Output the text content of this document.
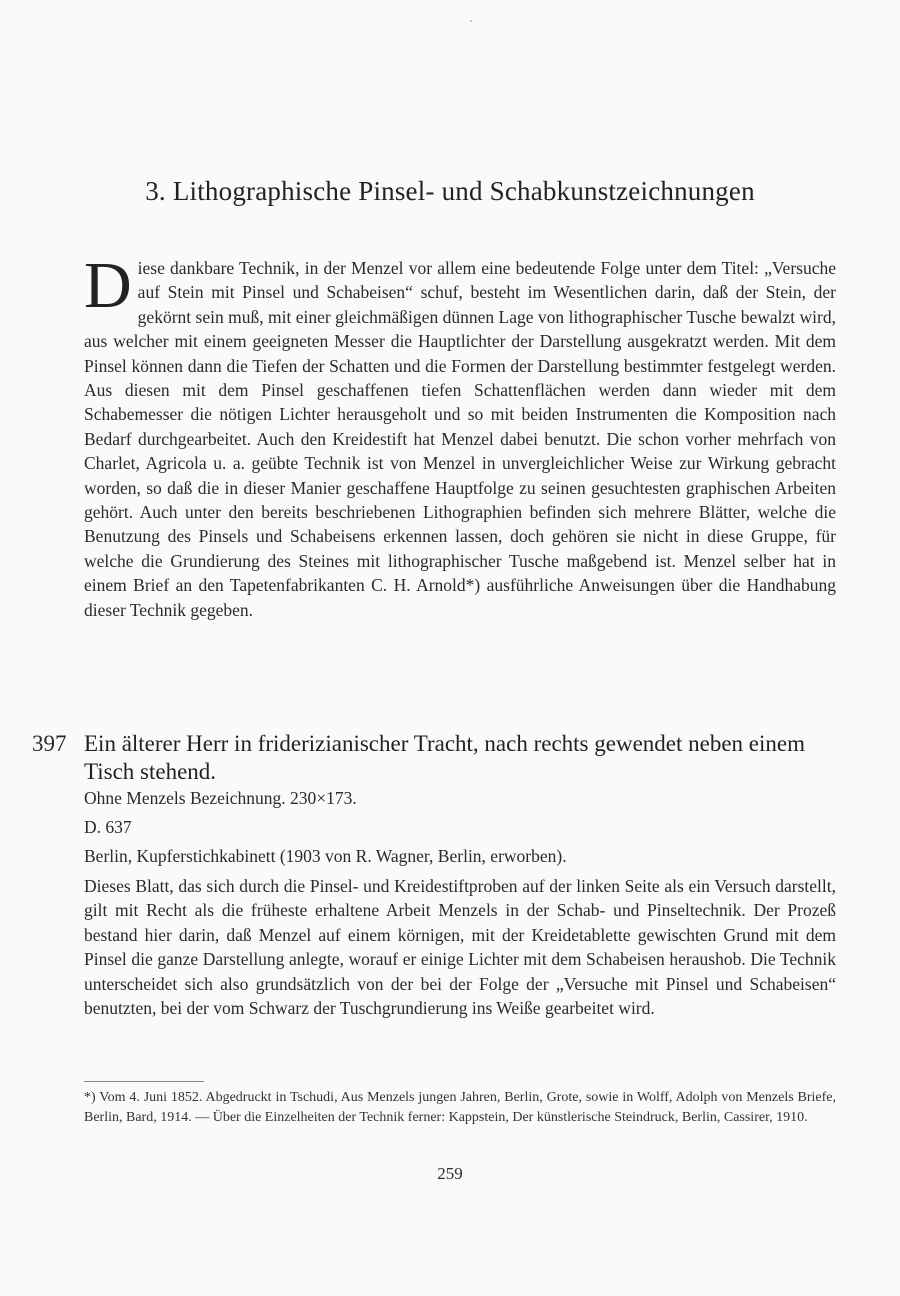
3. Lithographische Pinsel- und Schabkunstzeichnungen
D iese dankbare Technik, in der Menzel vor allem eine bedeutende Folge unter dem Titel: „Versuche auf Stein mit Pinsel und Schabeisen“ schuf, besteht im Wesentlichen darin, daß der Stein, der gekörnt sein muß, mit einer gleichmäßigen dünnen Lage von lithographischer Tusche bewalzt wird, aus welcher mit einem geeigneten Messer die Hauptlichter der Darstellung ausgekratzt werden. Mit dem Pinsel können dann die Tiefen der Schatten und die Formen der Darstellung bestimmter festgelegt werden. Aus diesen mit dem Pinsel geschaffenen tiefen Schattenflächen werden dann wieder mit dem Schabemesser die nötigen Lichter herausgeholt und so mit beiden Instrumenten die Komposition nach Bedarf durchgearbeitet. Auch den Kreidestift hat Menzel dabei benutzt. Die schon vorher mehrfach von Charlet, Agricola u. a. geübte Technik ist von Menzel in unvergleichlicher Weise zur Wirkung gebracht worden, so daß die in dieser Manier geschaffene Hauptfolge zu seinen gesuchtesten graphischen Arbeiten gehört. Auch unter den bereits beschriebenen Lithographien befinden sich mehrere Blätter, welche die Benutzung des Pinsels und Schabeisens erkennen lassen, doch gehören sie nicht in diese Gruppe, für welche die Grundierung des Steines mit lithographischer Tusche maßgebend ist. Menzel selber hat in einem Brief an den Tapetenfabrikanten C. H. Arnold*) ausführliche Anweisungen über die Handhabung dieser Technik gegeben.

397 Ein älterer Herr in friderizianischer Tracht, nach rechts gewendet neben einem Tisch stehend.
Ohne Menzels Bezeichnung. 230×173.
D. 637
Berlin, Kupferstichkabinett (1903 von R. Wagner, Berlin, erworben).

Dieses Blatt, das sich durch die Pinsel- und Kreidestiftproben auf der linken Seite als ein Versuch darstellt, gilt mit Recht als die früheste erhaltene Arbeit Menzels in der Schab- und Pinseltechnik. Der Prozeß bestand hier darin, daß Menzel auf einem körnigen, mit der Kreidetablette gewischten Grund mit dem Pinsel die ganze Darstellung anlegte, worauf er einige Lichter mit dem Schabeisen heraushob. Die Technik unterscheidet sich also grundsätzlich von der bei der Folge der „Versuche mit Pinsel und Schabeisen“ benutzten, bei der vom Schwarz der Tuschgrundierung ins Weiße gearbeitet wird.

*) Vom 4. Juni 1852. Abgedruckt in Tschudi, Aus Menzels jungen Jahren, Berlin, Grote, sowie in Wolff, Adolph von Menzels Briefe, Berlin, Bard, 1914. — Über die Einzelheiten der Technik ferner: Kappstein, Der künstlerische Steindruck, Berlin, Cassirer, 1910.

259
